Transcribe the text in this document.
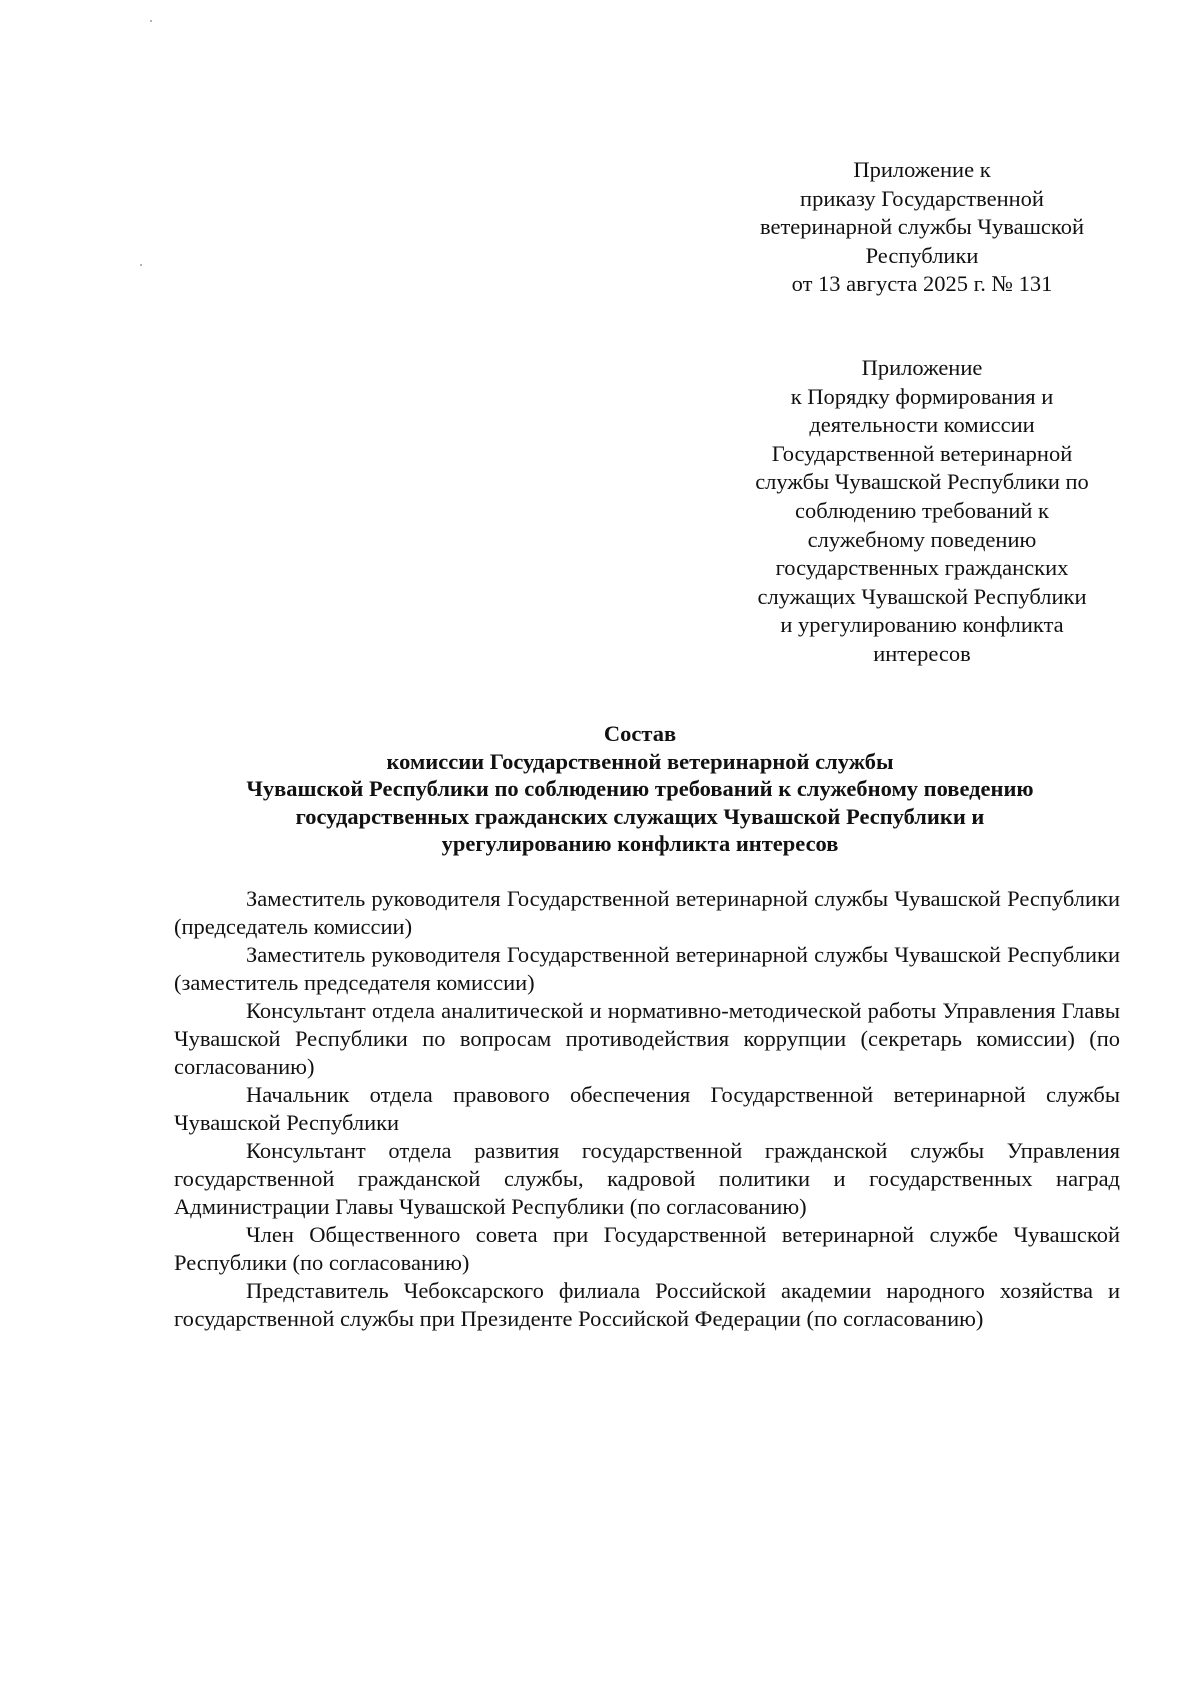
Приложение к
приказу Государственной
ветеринарной службы Чувашской
Республики
от 13 августа 2025 г. № 131
Приложение
к Порядку формирования и
деятельности комиссии
Государственной ветеринарной
службы Чувашской Республики по
соблюдению требований к
служебному поведению
государственных гражданских
служащих Чувашской Республики
и урегулированию конфликта
интересов
Состав
комиссии Государственной ветеринарной службы
Чувашской Республики по соблюдению требований к служебному поведению
государственных гражданских служащих Чувашской Республики и
урегулированию конфликта интересов

Заместитель руководителя Государственной ветеринарной службы Чувашской Республики (председатель комиссии)

Заместитель руководителя Государственной ветеринарной службы Чувашской Республики (заместитель председателя комиссии)

Консультант отдела аналитической и нормативно-методической работы Управления Главы Чувашской Республики по вопросам противодействия коррупции (секретарь комиссии) (по согласованию)

Начальник отдела правового обеспечения Государственной ветеринарной службы Чувашской Республики

Консультант отдела развития государственной гражданской службы Управления государственной гражданской службы, кадровой политики и государственных наград Администрации Главы Чувашской Республики (по согласованию)

Член Общественного совета при Государственной ветеринарной службе Чувашской Республики (по согласованию)

Представитель Чебоксарского филиала Российской академии народного хозяйства и государственной службы при Президенте Российской Федерации (по согласованию)
